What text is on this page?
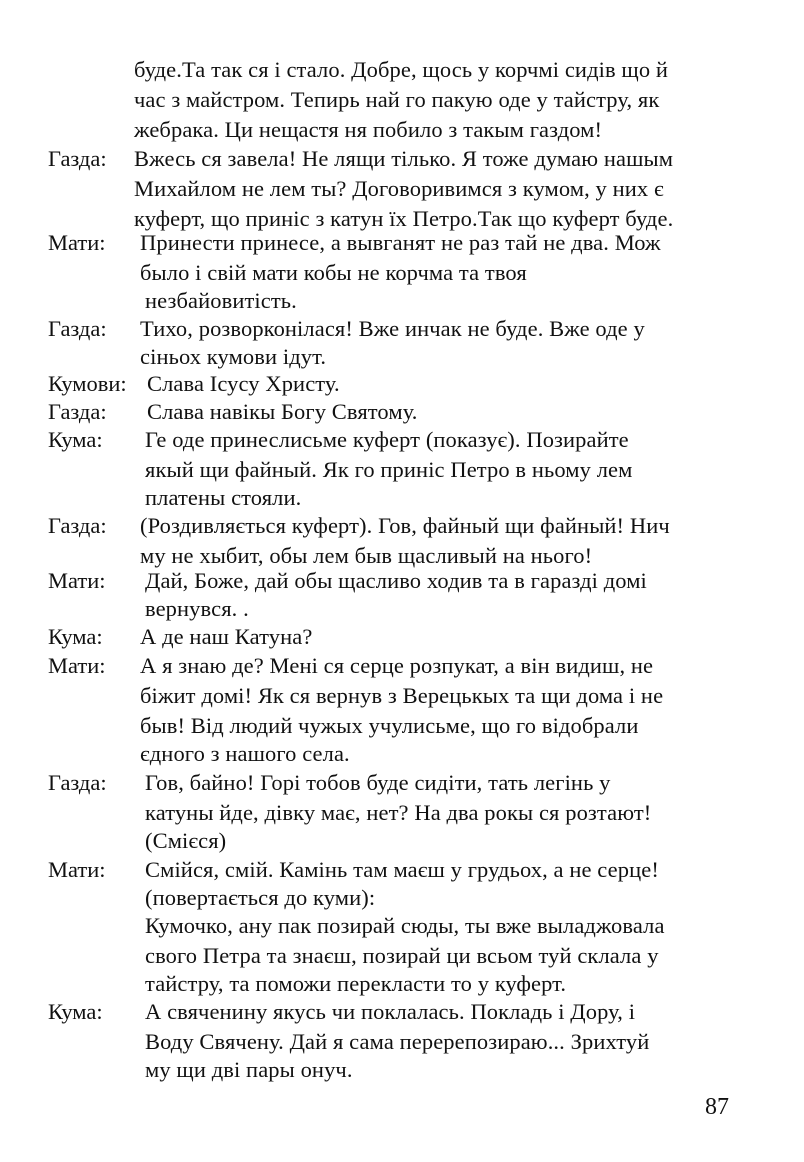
буде.Та так ся і стало. Добре, щось у корчмі сидів що й
час з майстром. Тепирь най го пакую оде у тайстру, як
жебрака. Ци нещастя ня побило з такым газдом!
Газда: Вжесь ся завела! Не лящи тілько. Я тоже думаю нашым
Михайлом не лем ты? Договоривимся з кумом, у них є
куферт, що приніс з катун їх Петро.Так що куферт буде.
Мати: Принести принесе, а вывганят не раз тай не два. Мож
было і свій мати кобы не корчма та твоя
незбайовитість.
Газда: Тихо, розворконілася! Вже инчак не буде. Вже оде у
сіньох кумови ідут.
Кумови: Слава Ісусу Христу.
Газда: Слава навікы Богу Святому.
Кума: Ге оде принеслисьме куферт (показує). Позирайте
якый щи файный. Як го приніс Петро в ньому лем
платены стояли.
Газда: (Роздивляється куферт). Гов, файный щи файный! Нич
му не хыбит, обы лем быв щасливый на нього!
Мати: Дай, Боже, дай обы щасливо ходив та в гаразді домі
вернувся. .
Кума: А де наш Катуна?
Мати: А я знаю де? Мені ся серце розпукат, а він видиш, не
біжит домі! Як ся вернув з Верецькых та щи дома і не
быв! Від людий чужых учулисьме, що го відобрали
єдного з нашого села.
Газда: Гов, байно! Горі тобов буде сидіти, тать легінь у
катуны йде, дівку має, нет? На два рокы ся розтают!
(Смієся)
Мати: Смійся, смій. Камінь там маєш у грудьох, а не серце!
(повертається до куми):
Кумочко, ану пак позирай сюды, ты вже выладжовала
свого Петра та знаєш, позирай ци всьом туй склала у
тайстру, та поможи перекласти то у куферт.
Кума: А свяченину якусь чи поклалась. Покладь і Дору, і
Воду Свячену. Дай я сама перерепозираю... Зрихтуй
му щи дві пары онуч.
87
